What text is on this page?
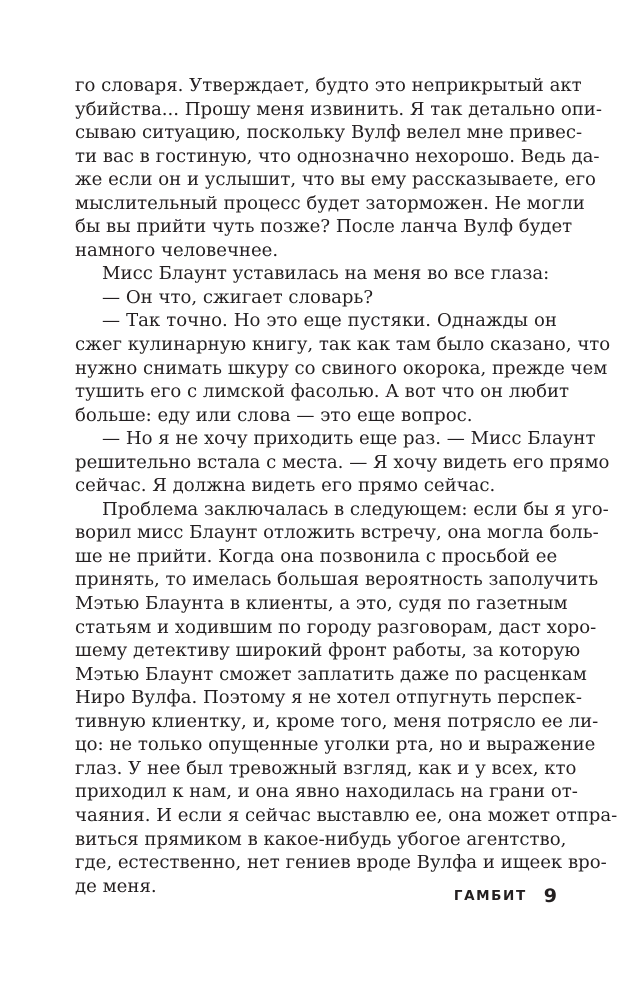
го словаря. Утверждает, будто это неприкрытый акт
убийства... Прошу меня извинить. Я так детально опи-
сываю ситуацию, поскольку Вулф велел мне привес-
ти вас в гостиную, что однозначно нехорошо. Ведь да-
же если он и услышит, что вы ему рассказываете, его
мыслительный процесс будет заторможен. Не могли
бы вы прийти чуть позже? После ланча Вулф будет
намного человечнее.
Мисс Блаунт уставилась на меня во все глаза:
— Он что, сжигает словарь?
— Так точно. Но это еще пустяки. Однажды он
сжег кулинарную книгу, так как там было сказано, что
нужно снимать шкуру со свиного окорока, прежде чем
тушить его с лимской фасолью. А вот что он любит
больше: еду или слова — это еще вопрос.
— Но я не хочу приходить еще раз. — Мисс Блаунт
решительно встала с места. — Я хочу видеть его прямо
сейчас. Я должна видеть его прямо сейчас.
Проблема заключалась в следующем: если бы я уго-
ворил мисс Блаунт отложить встречу, она могла боль-
ше не прийти. Когда она позвонила с просьбой ее
принять, то имелась большая вероятность заполучить
Мэтью Блаунта в клиенты, а это, судя по газетным
статьям и ходившим по городу разговорам, даст хоро-
шему детективу широкий фронт работы, за которую
Мэтью Блаунт сможет заплатить даже по расценкам
Ниро Вулфа. Поэтому я не хотел отпугнуть перспек-
тивную клиентку, и, кроме того, меня потрясло ее ли-
цо: не только опущенные уголки рта, но и выражение
глаз. У нее был тревожный взгляд, как и у всех, кто
приходил к нам, и она явно находилась на грани от-
чаяния. И если я сейчас выставлю ее, она может отпра-
виться прямиком в какое-нибудь убогое агентство,
где, естественно, нет гениев вроде Вулфа и ищеек вро-
де меня.	ГАМБИТ 9
